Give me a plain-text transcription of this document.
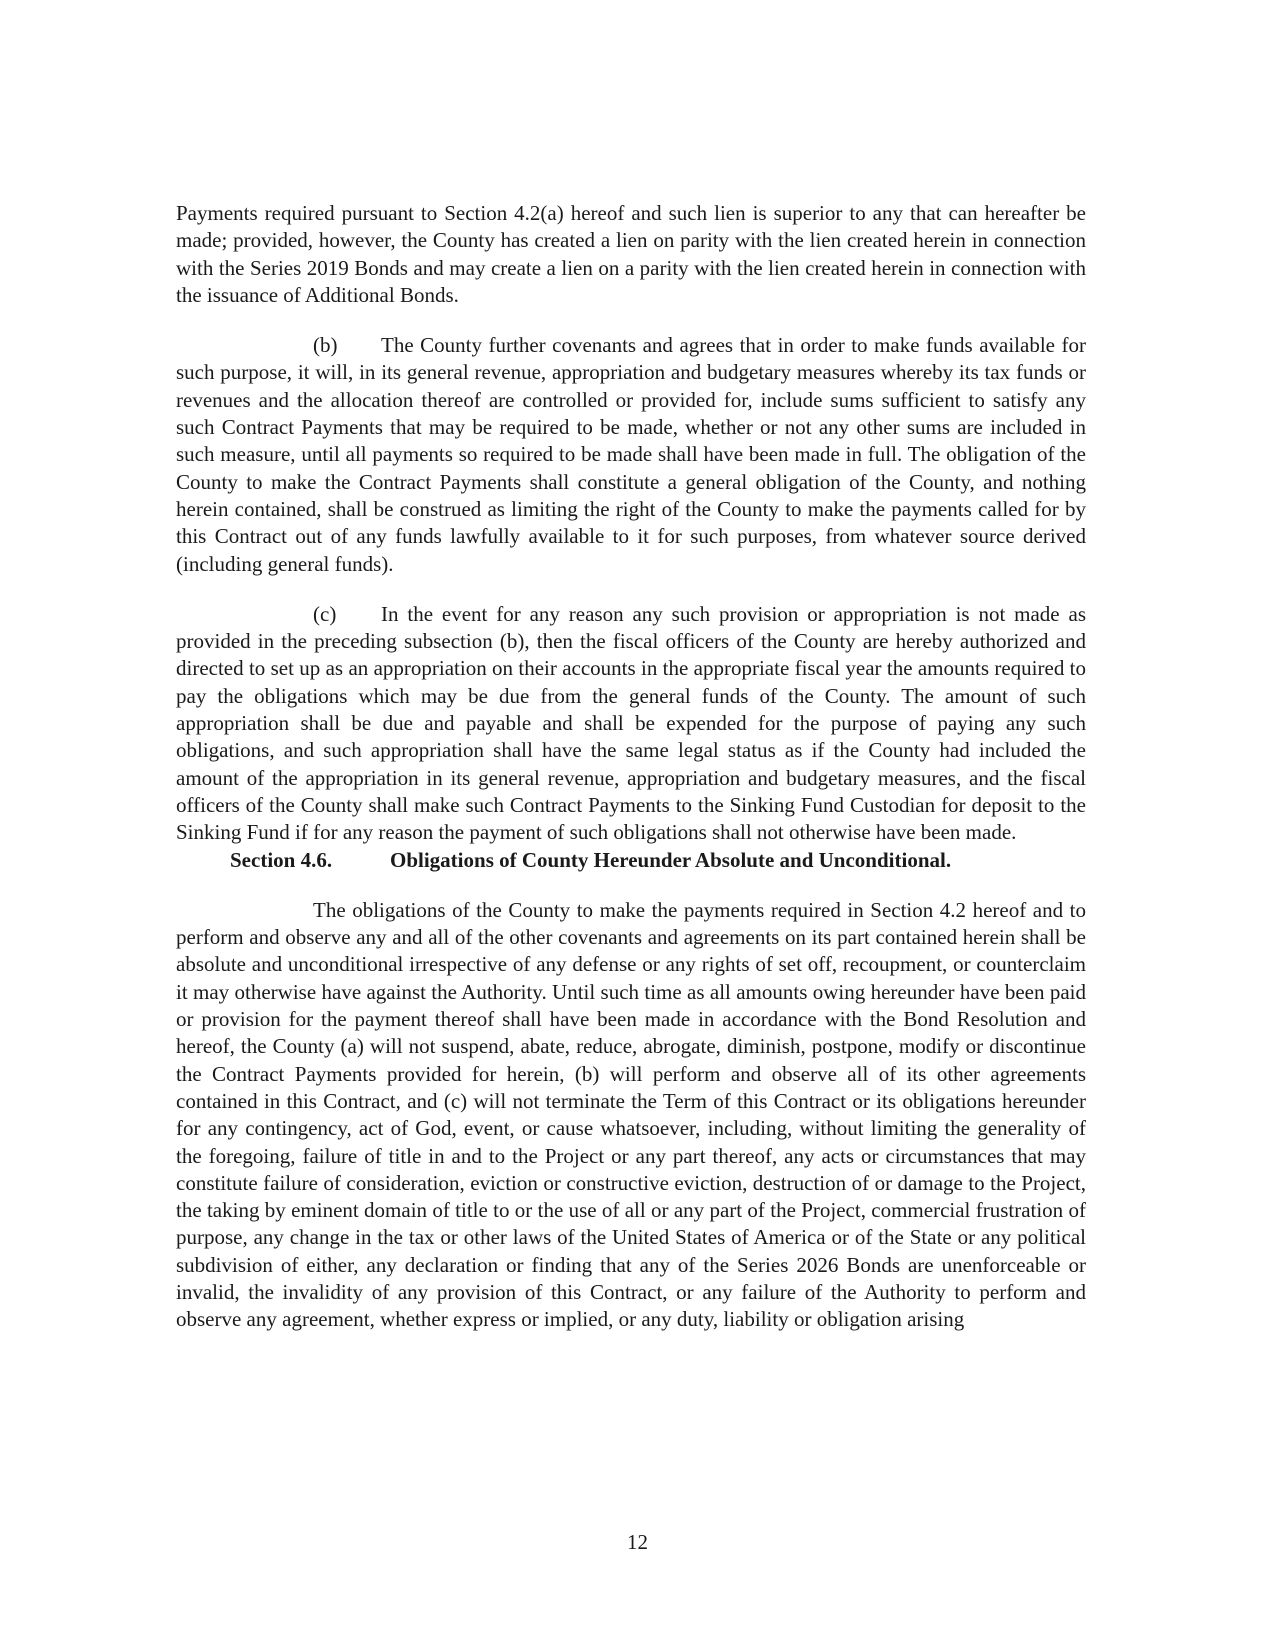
Payments required pursuant to Section 4.2(a) hereof and such lien is superior to any that can hereafter be made; provided, however, the County has created a lien on parity with the lien created herein in connection with the Series 2019 Bonds and may create a lien on a parity with the lien created herein in connection with the issuance of Additional Bonds.

(b) The County further covenants and agrees that in order to make funds available for such purpose, it will, in its general revenue, appropriation and budgetary measures whereby its tax funds or revenues and the allocation thereof are controlled or provided for, include sums sufficient to satisfy any such Contract Payments that may be required to be made, whether or not any other sums are included in such measure, until all payments so required to be made shall have been made in full. The obligation of the County to make the Contract Payments shall constitute a general obligation of the County, and nothing herein contained, shall be construed as limiting the right of the County to make the payments called for by this Contract out of any funds lawfully available to it for such purposes, from whatever source derived (including general funds).

(c) In the event for any reason any such provision or appropriation is not made as provided in the preceding subsection (b), then the fiscal officers of the County are hereby authorized and directed to set up as an appropriation on their accounts in the appropriate fiscal year the amounts required to pay the obligations which may be due from the general funds of the County. The amount of such appropriation shall be due and payable and shall be expended for the purpose of paying any such obligations, and such appropriation shall have the same legal status as if the County had included the amount of the appropriation in its general revenue, appropriation and budgetary measures, and the fiscal officers of the County shall make such Contract Payments to the Sinking Fund Custodian for deposit to the Sinking Fund if for any reason the payment of such obligations shall not otherwise have been made.

Section 4.6.	Obligations of County Hereunder Absolute and Unconditional.

The obligations of the County to make the payments required in Section 4.2 hereof and to perform and observe any and all of the other covenants and agreements on its part contained herein shall be absolute and unconditional irrespective of any defense or any rights of set off, recoupment, or counterclaim it may otherwise have against the Authority. Until such time as all amounts owing hereunder have been paid or provision for the payment thereof shall have been made in accordance with the Bond Resolution and hereof, the County (a) will not suspend, abate, reduce, abrogate, diminish, postpone, modify or discontinue the Contract Payments provided for herein, (b) will perform and observe all of its other agreements contained in this Contract, and (c) will not terminate the Term of this Contract or its obligations hereunder for any contingency, act of God, event, or cause whatsoever, including, without limiting the generality of the foregoing, failure of title in and to the Project or any part thereof, any acts or circumstances that may constitute failure of consideration, eviction or constructive eviction, destruction of or damage to the Project, the taking by eminent domain of title to or the use of all or any part of the Project, commercial frustration of purpose, any change in the tax or other laws of the United States of America or of the State or any political subdivision of either, any declaration or finding that any of the Series 2026 Bonds are unenforceable or invalid, the invalidity of any provision of this Contract, or any failure of the Authority to perform and observe any agreement, whether express or implied, or any duty, liability or obligation arising

12
